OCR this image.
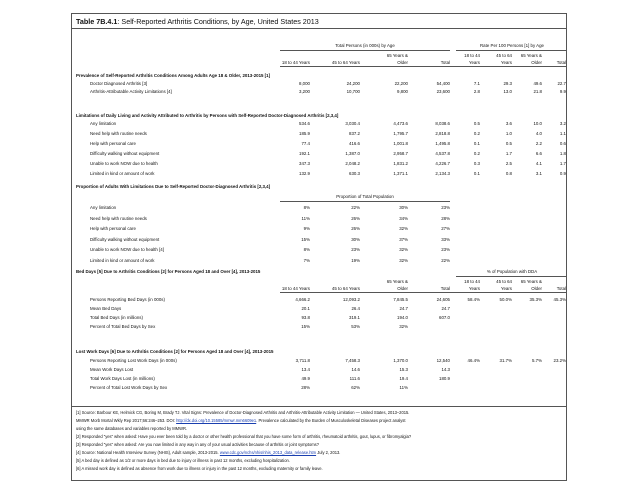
Table 7B.4.1: Self-Reported Arthritis Conditions, by Age, United States 2013
Total Persons (in 000s) by Age	Rate Per 100 Persons [1] by Age
65 Years &	18 to 44	45 to 64	65 Years &
18 to 44 Years	45 to 64 Years	Older	Total	Years	Years	Older	Total
Prevalence of Self-Reported Arthritis Conditions Among Adults Age 18 & Older, 2013-2015 [1]
Doctor Diagnosed Arthritis [3]	8,000	24,200	22,200	54,400	7.1	29.3	49.6	22.7
Arthritis-Attributable Activity Limitations [4]	3,200	10,700	9,800	23,600	2.8	13.0	21.8	9.9
Limitations of Daily Living and Activity Attributed to Arthritis by Persons with Self-Reported Doctor-Diagnosed Arthritis [2,3,4]
Any limitation	534.6	3,030.4	4,473.6	8,038.6	0.5	3.6	10.0	3.2
Need help with routine needs	185.9	837.2	1,795.7	2,818.8	0.2	1.0	4.0	1.1
Help with personal care	77.4	416.6	1,001.8	1,495.8	0.1	0.5	2.2	0.6
Difficulty walking without equipment	192.1	1,387.0	2,958.7	4,537.8	0.2	1.7	6.6	1.8
Unable to work NOW due to health	347.3	2,048.2	1,831.2	4,226.7	0.3	2.5	4.1	1.7
Limited in kind or amount of work	132.9	630.3	1,371.1	2,134.3	0.1	0.8	3.1	0.9
Proportion of Adults With Limitations Due to Self-Reported Doctor-Diagnosed Arthritis [2,3,4]
Proportion of Total Population
Any limitation	8%	22%	30%	23%
Need help with routine needs	11%	26%	34%	28%
Help with personal care	9%	26%	32%	27%
Difficulty walking without equipment	15%	30%	37%	33%
Unable to work NOW due to health [4]	8%	23%	32%	23%
Limited in kind or amount of work	7%	19%	32%	22%
Bed Days [5] Due to Arthritis Conditions [2] for Persons Aged 18 and Over [4], 2013-2015	% of Population with DDA
65 Years &	18 to 44	45 to 64	65 Years &
18 to 44 Years	45 to 64 Years	Older	Total	Years	Years	Older	Total
Persons Reporting Bed Days (in 000s)	4,666.2	12,093.2	7,845.5	24,605	58.4%	50.0%	35.3%	45.3%
Mean Bed Days	20.1	26.4	24.7	24.7
Total Bed Days (in millions)	93.8	319.1	194.0	607.0
Percent of Total Bed Days by Sex	15%	53%	32%
Lost Work Days [6] Due to Arthritis Conditions [2] for Persons Aged 18 and Over [4], 2013-2015
Persons Reporting Lost Work Days (in 000s)	3,711.8	7,458.3	1,370.0	12,540	46.4%	31.7%	5.7%	23.2%
Mean Work Days Lost	13.4	14.6	15.3	14.3
Total Work Days Lost (in millions)	49.9	111.6	19.4	180.9
Percent of Total Lost Work Days by Sex	28%	62%	11%
[1] Source: Barbour KE, Helmick CG, Boring M, Brady TJ. Vital Signs: Prevalence of Doctor-Diagnosed Arthritis and Arthritis-Attributable Activity Limitation — United States, 2013–2015.
MMWR Morb Mortal Wkly Rep 2017;66:246–253. DOI: http://dx.doi.org/10.15585/mmwr.mm6609e1. Prevalence calculated by the Burden of Musculoskeletal Diseases project analyst
using the same databases and variables reported by MMWR.
[2] Responded "yes" when asked: Have you ever been told by a doctor or other health professional that you have some form of arthritis, rheumatoid arthritis, gout, lupus, or fibromyalgia?
[3] Responded "yes" when asked: Are you now limited in any way in any of your usual activities because of arthritis or joint symptoms?
[4] Source: National Health Interview Survey (NHIS), Adult sample, 2013-2015. www.cdc.gov/nchs/nhis/nhis_2013_data_release.htm July 2, 2013.
[5] A bed day is defined as 1/2 or more days in bed due to injury or illness in past 12 months, excluding hospitalization.
[6] A missed work day is defined as absence from work due to illness or injury in the past 12 months, excluding maternity or family leave.
